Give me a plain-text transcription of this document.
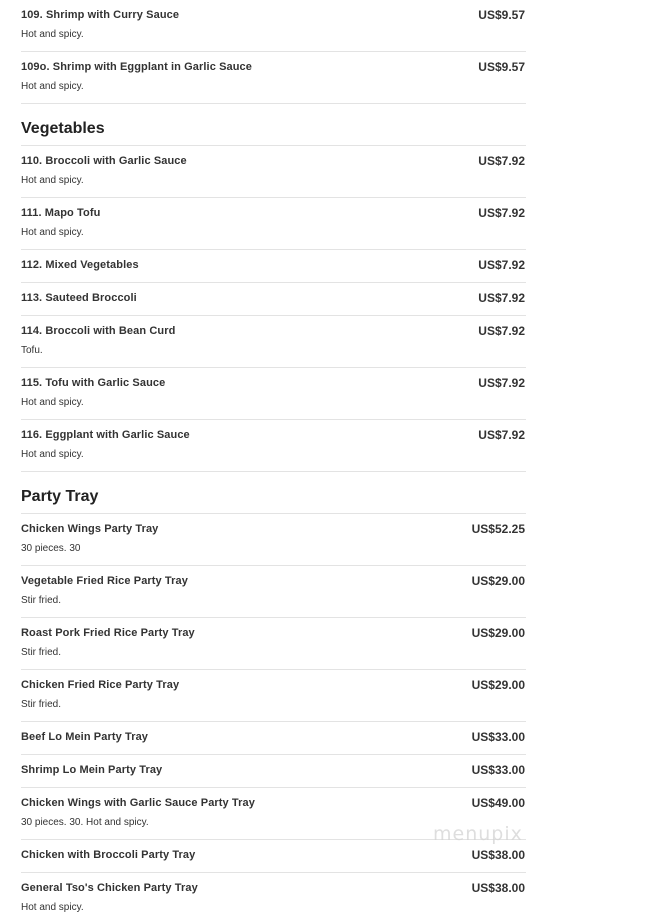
109. Shrimp with Curry Sauce	US$9.57
Hot and spicy.
109o. Shrimp with Eggplant in Garlic Sauce	US$9.57
Hot and spicy.
Vegetables
110. Broccoli with Garlic Sauce	US$7.92
Hot and spicy.
111. Mapo Tofu	US$7.92
Hot and spicy.
112. Mixed Vegetables	US$7.92
113. Sauteed Broccoli	US$7.92
114. Broccoli with Bean Curd	US$7.92
Tofu.
115. Tofu with Garlic Sauce	US$7.92
Hot and spicy.
116. Eggplant with Garlic Sauce	US$7.92
Hot and spicy.
Party Tray
Chicken Wings Party Tray	US$52.25
30 pieces. 30
Vegetable Fried Rice Party Tray	US$29.00
Stir fried.
Roast Pork Fried Rice Party Tray	US$29.00
Stir fried.
Chicken Fried Rice Party Tray	US$29.00
Stir fried.
Beef Lo Mein Party Tray	US$33.00
Shrimp Lo Mein Party Tray	US$33.00
Chicken Wings with Garlic Sauce Party Tray	US$49.00
30 pieces. 30. Hot and spicy.
Chicken with Broccoli Party Tray	US$38.00
General Tso's Chicken Party Tray	US$38.00
Hot and spicy.
menupix
